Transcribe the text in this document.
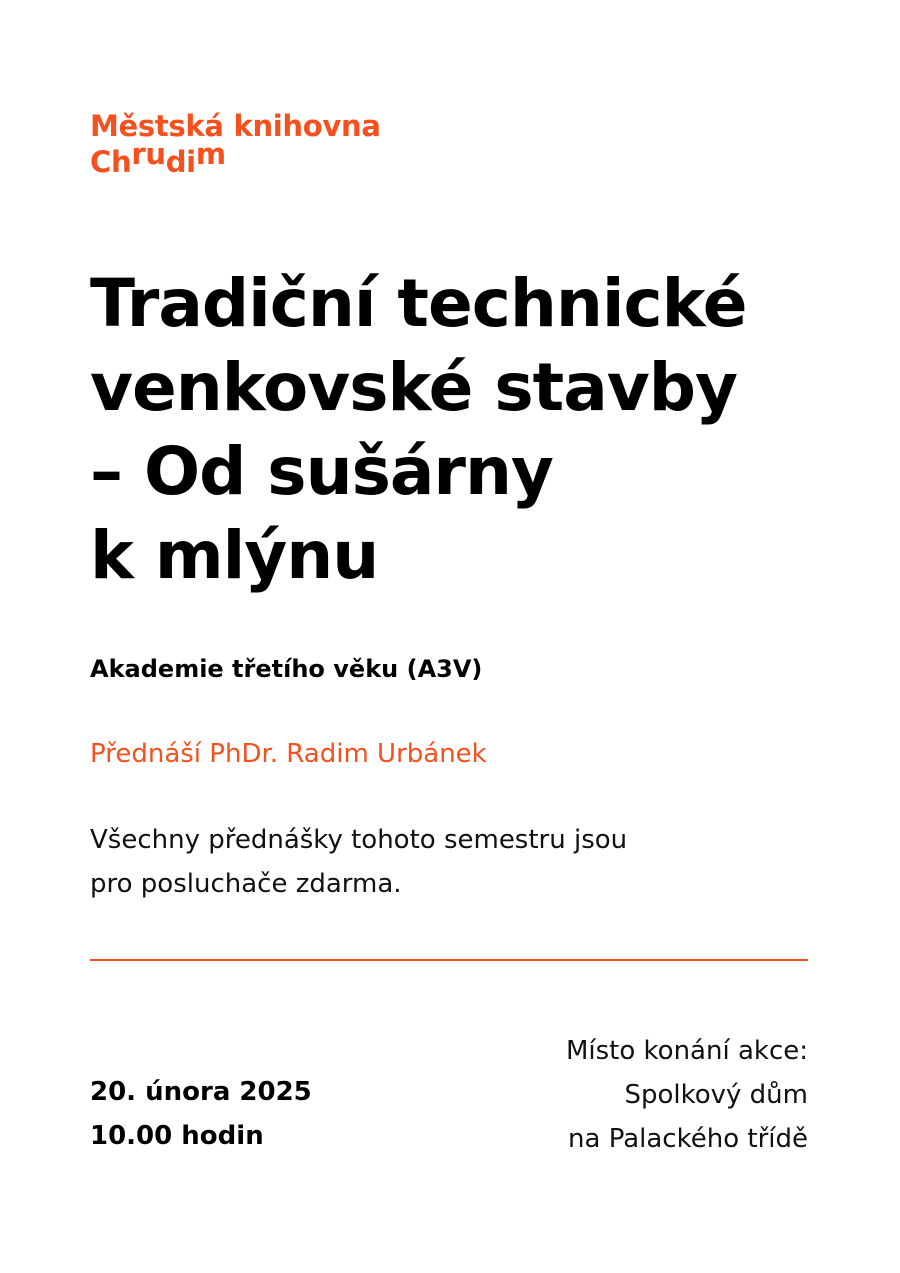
Městská knihovna
Chrudim
Tradiční technické
venkovské stavby
– Od sušárny
k mlýnu
Akademie třetího věku (A3V)
Přednáší PhDr. Radim Urbánek
Všechny přednášky tohoto semestru jsou
pro posluchače zdarma.
20. února 2025
10.00 hodin
Místo konání akce:
Spolkový dům
na Palackého třídě
